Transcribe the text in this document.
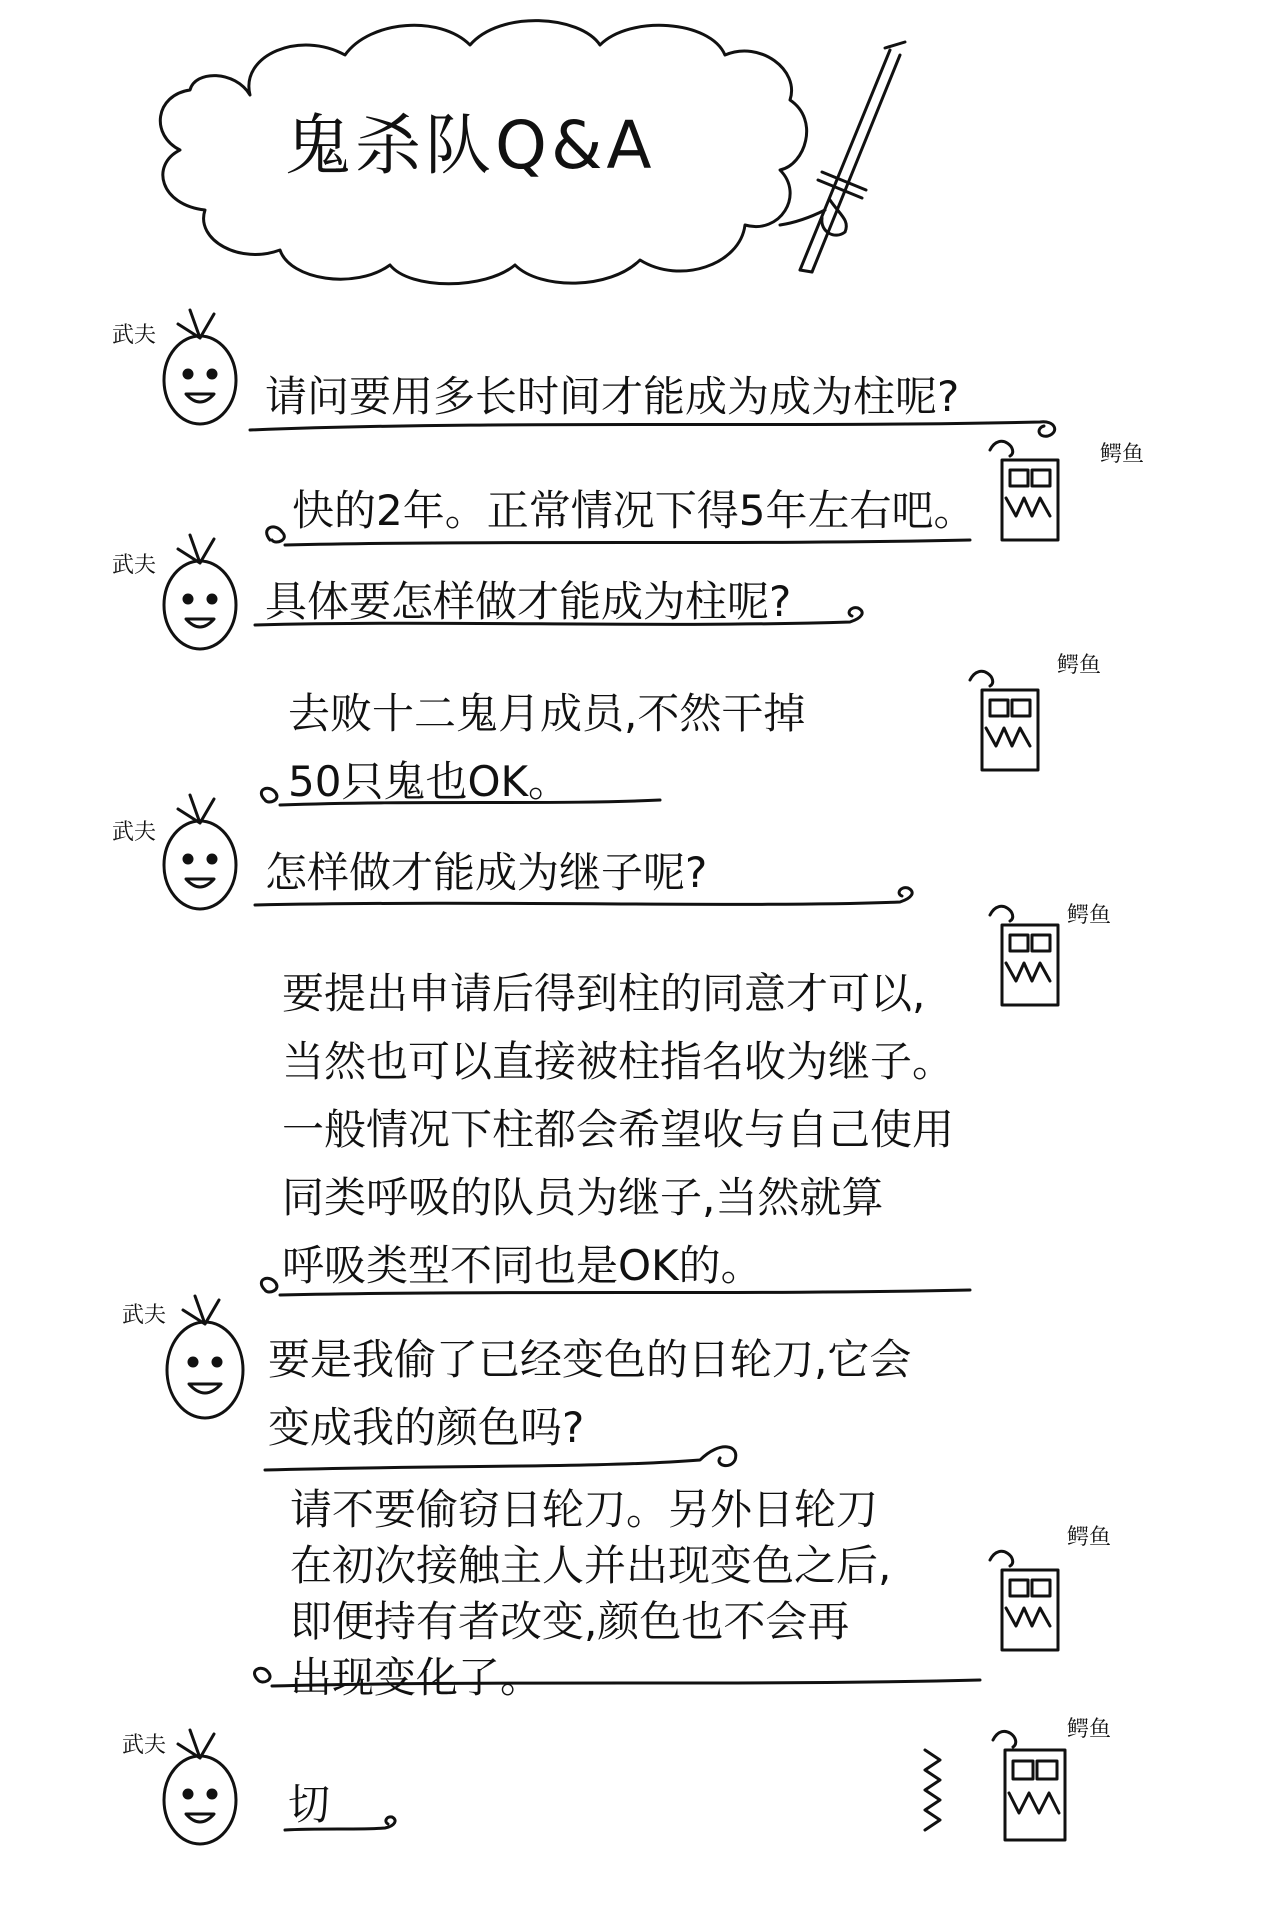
鬼杀队Q&A
武夫
请问要用多长时间才能成为成为柱呢?
鳄鱼
快的2年。正常情况下得5年左右吧。
武夫
具体要怎样做才能成为柱呢?
鳄鱼
去败十二鬼月成员,不然干掉
50只鬼也OK。
武夫
怎样做才能成为继子呢?
鳄鱼
要提出申请后得到柱的同意才可以,
当然也可以直接被柱指名收为继子。
一般情况下柱都会希望收与自己使用
同类呼吸的队员为继子,当然就算
呼吸类型不同也是OK的。
武夫
要是我偷了已经变色的日轮刀,它会
变成我的颜色吗?
鳄鱼
请不要偷窃日轮刀。另外日轮刀
在初次接触主人并出现变色之后,
即便持有者改变,颜色也不会再
出现变化了。
武夫
切
鳄鱼
